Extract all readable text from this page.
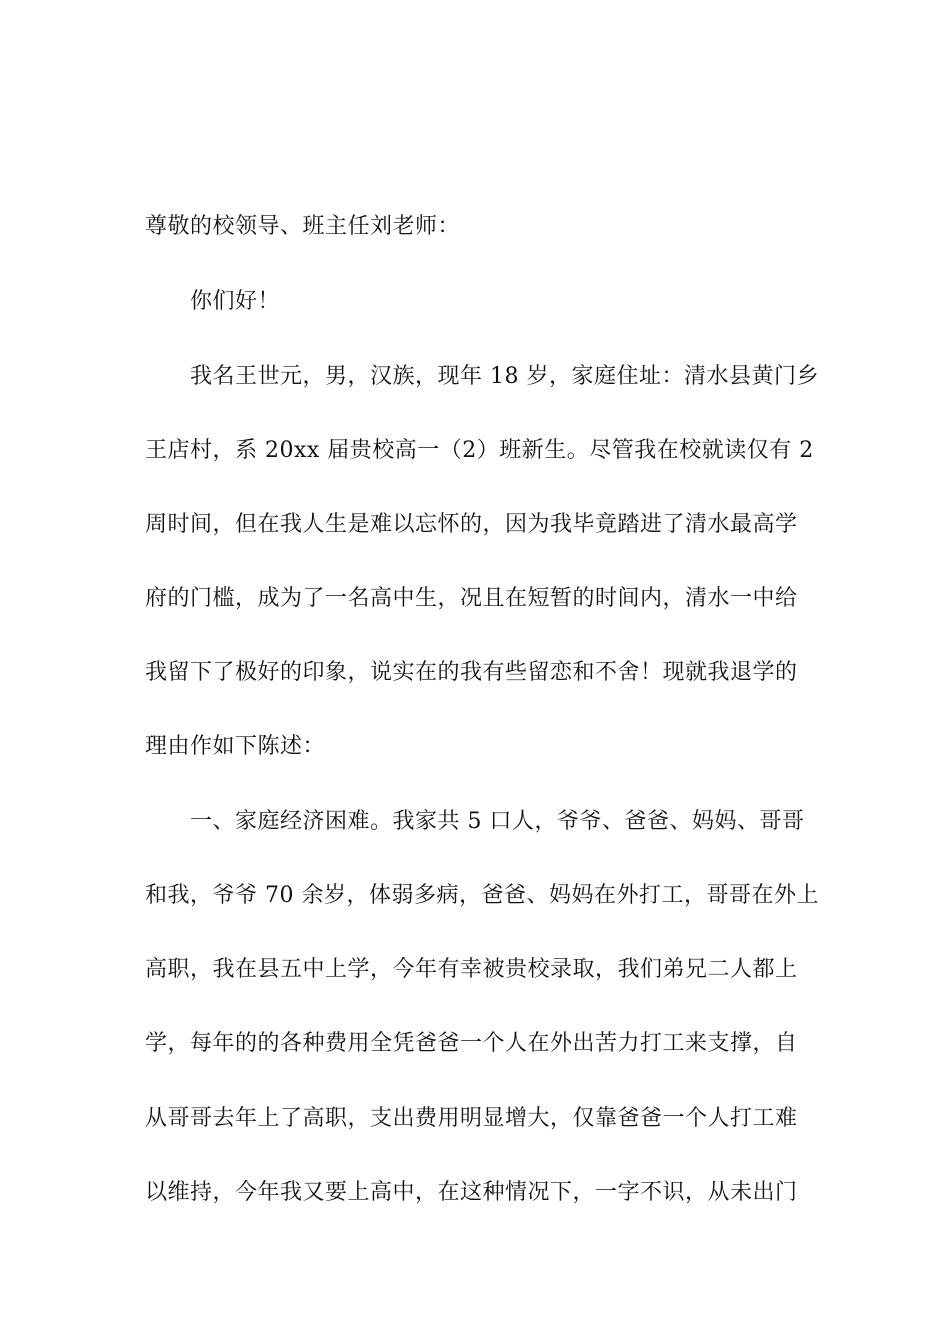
尊敬的校领导、班主任刘老师：
你们好！
我名王世元，男，汉族，现年 18 岁，家庭住址：清水县黄门乡
王店村，系 20xx 届贵校高一（2）班新生。尽管我在校就读仅有 2
周时间，但在我人生是难以忘怀的，因为我毕竟踏进了清水最高学
府的门槛，成为了一名高中生，况且在短暂的时间内，清水一中给
我留下了极好的印象，说实在的我有些留恋和不舍！现就我退学的
理由作如下陈述：
一、家庭经济困难。我家共 5 口人，爷爷、爸爸、妈妈、哥哥
和我，爷爷 70 余岁，体弱多病，爸爸、妈妈在外打工，哥哥在外上
高职，我在县五中上学，今年有幸被贵校录取，我们弟兄二人都上
学，每年的的各种费用全凭爸爸一个人在外出苦力打工来支撑，自
从哥哥去年上了高职，支出费用明显增大，仅靠爸爸一个人打工难
以维持，今年我又要上高中，在这种情况下，一字不识，从未出门
